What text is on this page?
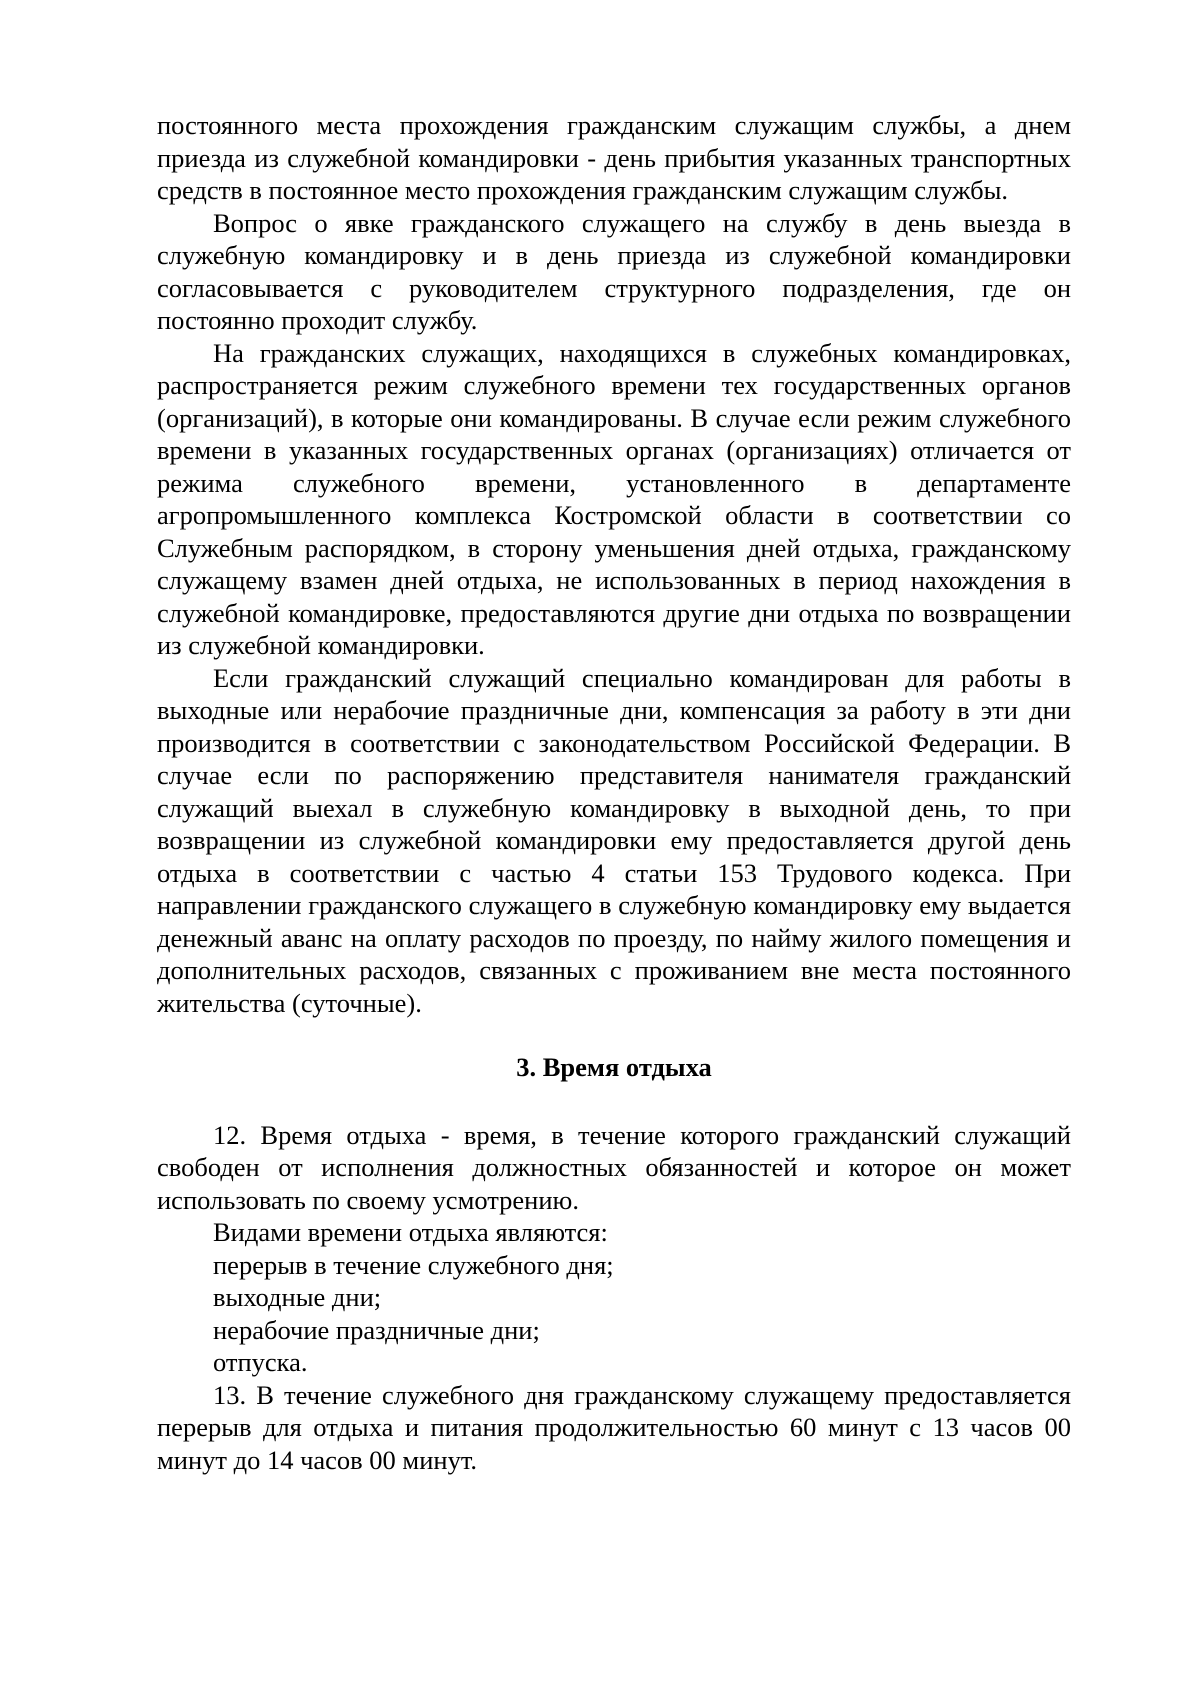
постоянного места прохождения гражданским служащим службы, а днем приезда из служебной командировки - день прибытия указанных транспортных средств в постоянное место прохождения гражданским служащим службы.

Вопрос о явке гражданского служащего на службу в день выезда в служебную командировку и в день приезда из служебной командировки согласовывается с руководителем структурного подразделения, где он постоянно проходит службу.

На гражданских служащих, находящихся в служебных командировках, распространяется режим служебного времени тех государственных органов (организаций), в которые они командированы. В случае если режим служебного времени в указанных государственных органах (организациях) отличается от режима служебного времени, установленного в департаменте агропромышленного комплекса Костромской области в соответствии со Служебным распорядком, в сторону уменьшения дней отдыха, гражданскому служащему взамен дней отдыха, не использованных в период нахождения в служебной командировке, предоставляются другие дни отдыха по возвращении из служебной командировки.

Если гражданский служащий специально командирован для работы в выходные или нерабочие праздничные дни, компенсация за работу в эти дни производится в соответствии с законодательством Российской Федерации. В случае если по распоряжению представителя нанимателя гражданский служащий выехал в служебную командировку в выходной день, то при возвращении из служебной командировки ему предоставляется другой день отдыха в соответствии с частью 4 статьи 153 Трудового кодекса. При направлении гражданского служащего в служебную командировку ему выдается денежный аванс на оплату расходов по проезду, по найму жилого помещения и дополнительных расходов, связанных с проживанием вне места постоянного жительства (суточные).

3. Время отдыха

12. Время отдыха - время, в течение которого гражданский служащий свободен от исполнения должностных обязанностей и которое он может использовать по своему усмотрению.

Видами времени отдыха являются:

перерыв в течение служебного дня;

выходные дни;

нерабочие праздничные дни;

отпуска.

13. В течение служебного дня гражданскому служащему предоставляется перерыв для отдыха и питания продолжительностью 60 минут с 13 часов 00 минут до 14 часов 00 минут.
